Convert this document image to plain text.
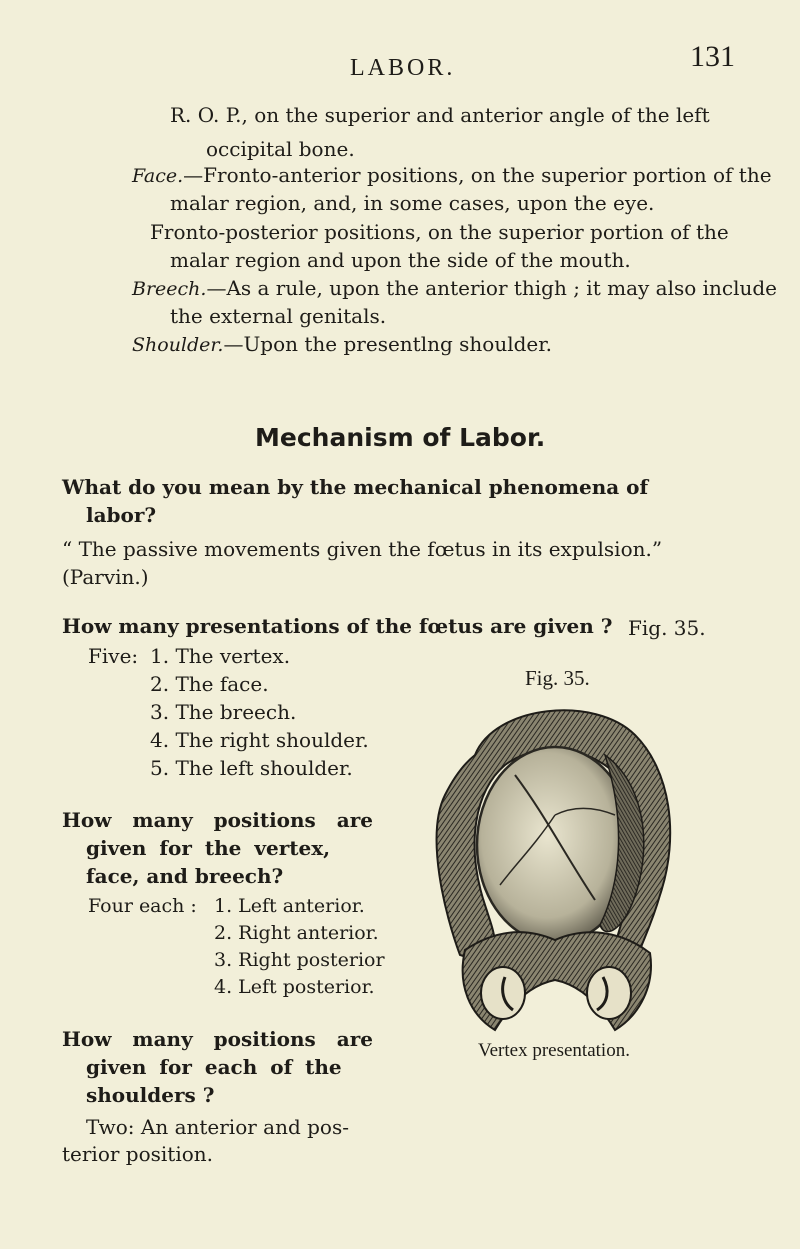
LABOR.	131
R. O. P., on the superior and anterior angle of the left
occipital bone.
Face.—Fronto-anterior positions, on the superior portion of the
malar region, and, in some cases, upon the eye.
Fronto-posterior positions, on the superior portion of the
malar region and upon the side of the mouth.
Breech.—As a rule, upon the anterior thigh ; it may also include
the external genitals.
Shoulder.—Upon the presentlng shoulder.
Mechanism of Labor.
What do you mean by the mechanical phenomena of
labor?
“ The passive movements given the fœtus in its expulsion.”
(Parvin.)
How many presentations of the fœtus are given ? Fig. 35.
Five: 1. The vertex.
2. The face.
3. The breech.
4. The right shoulder.
5. The left shoulder.
How many positions are
given for the vertex,
face, and breech?
Four each : 1. Left anterior.
2. Right anterior.
3. Right posterior
4. Left posterior.
How many positions are
given for each of the
shoulders ?
Two: An anterior and pos-
terior position.
Fig. 35.
Vertex presentation.
